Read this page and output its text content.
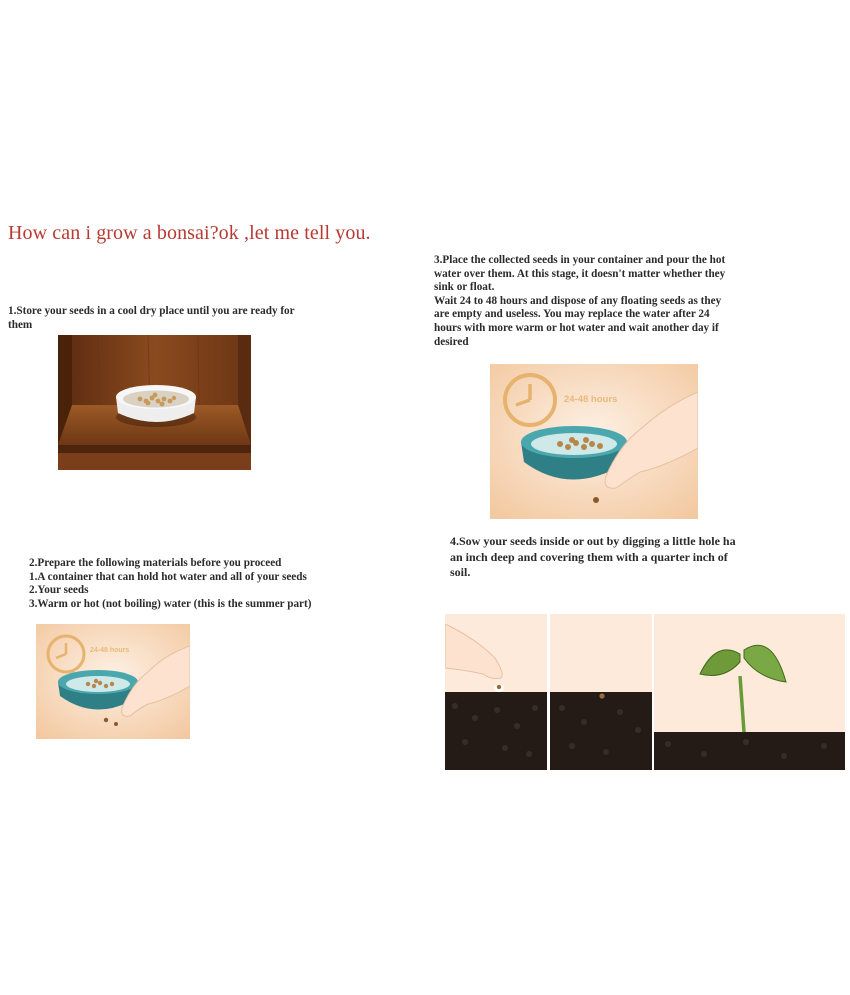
How can i grow a bonsai?ok ,let me tell you.
1.Store your seeds in a cool dry place until you are ready for
them
2.Prepare the following materials before you proceed
1.A container that can hold hot water and all of your seeds
2.Your seeds
3.Warm or hot (not boiling) water (this is the summer part)
24-48 hours
3.Place the collected seeds in your container and pour the hot
water over them. At this stage, it doesn't matter whether they
sink or float.
Wait 24 to 48 hours and dispose of any floating seeds as they
are empty and useless. You may replace the water after 24
hours with more warm or hot water and wait another day if
desired
24-48 hours
4.Sow your seeds inside or out by digging a little hole ha
an inch deep and covering them with a quarter inch of
soil.
